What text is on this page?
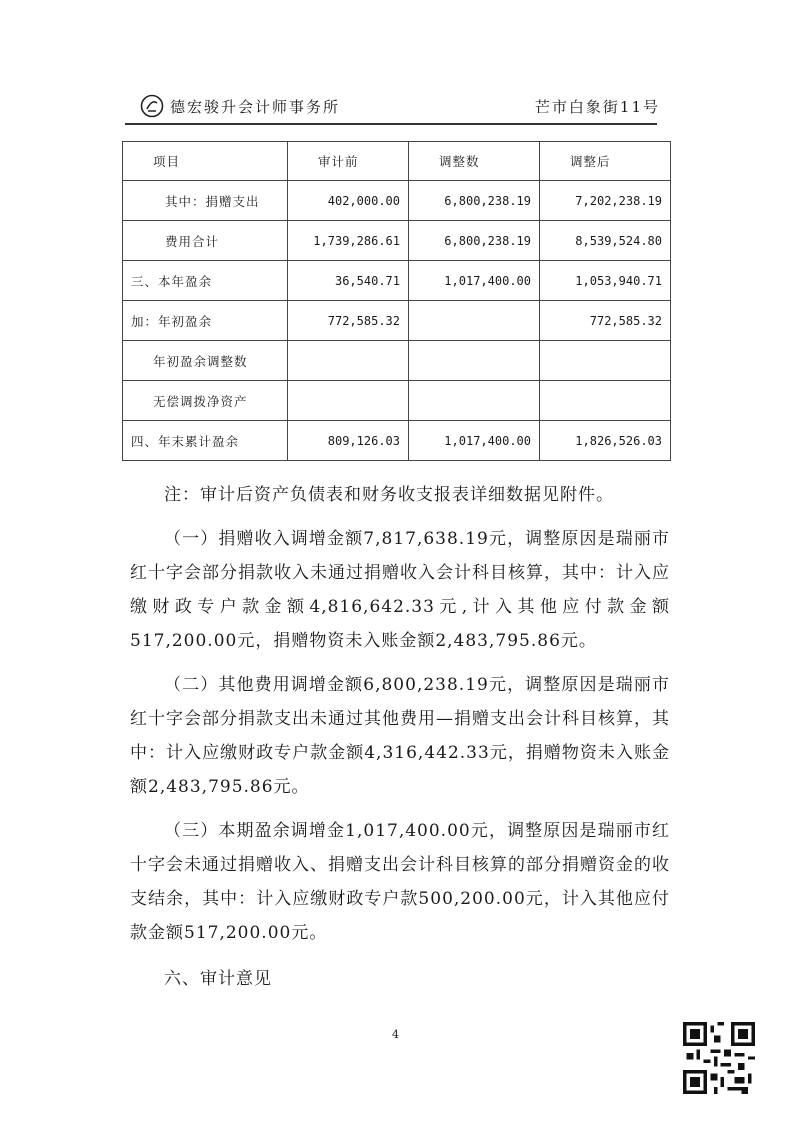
德宏骏升会计师事务所	芒市白象街11号
项目	审计前	调整数	调整后
其中：捐赠支出	402,000.00	6,800,238.19	7,202,238.19
费用合计	1,739,286.61	6,800,238.19	8,539,524.80
三、本年盈余	36,540.71	1,017,400.00	1,053,940.71
加：年初盈余	772,585.32		772,585.32
年初盈余调整数			
无偿调拨净资产			
四、年末累计盈余	809,126.03	1,017,400.00	1,826,526.03

注：审计后资产负债表和财务收支报表详细数据见附件。

（一）捐赠收入调增金额7,817,638.19元，调整原因是瑞丽市红十字会部分捐款收入未通过捐赠收入会计科目核算，其中：计入应缴财政专户款金额4,816,642.33元,计入其他应付款金额517,200.00元，捐赠物资未入账金额2,483,795.86元。

（二）其他费用调增金额6,800,238.19元，调整原因是瑞丽市红十字会部分捐款支出未通过其他费用—捐赠支出会计科目核算，其中：计入应缴财政专户款金额4,316,442.33元，捐赠物资未入账金额2,483,795.86元。

（三）本期盈余调增金1,017,400.00元，调整原因是瑞丽市红十字会未通过捐赠收入、捐赠支出会计科目核算的部分捐赠资金的收支结余，其中：计入应缴财政专户款500,200.00元，计入其他应付款金额517,200.00元。

六、审计意见

4
